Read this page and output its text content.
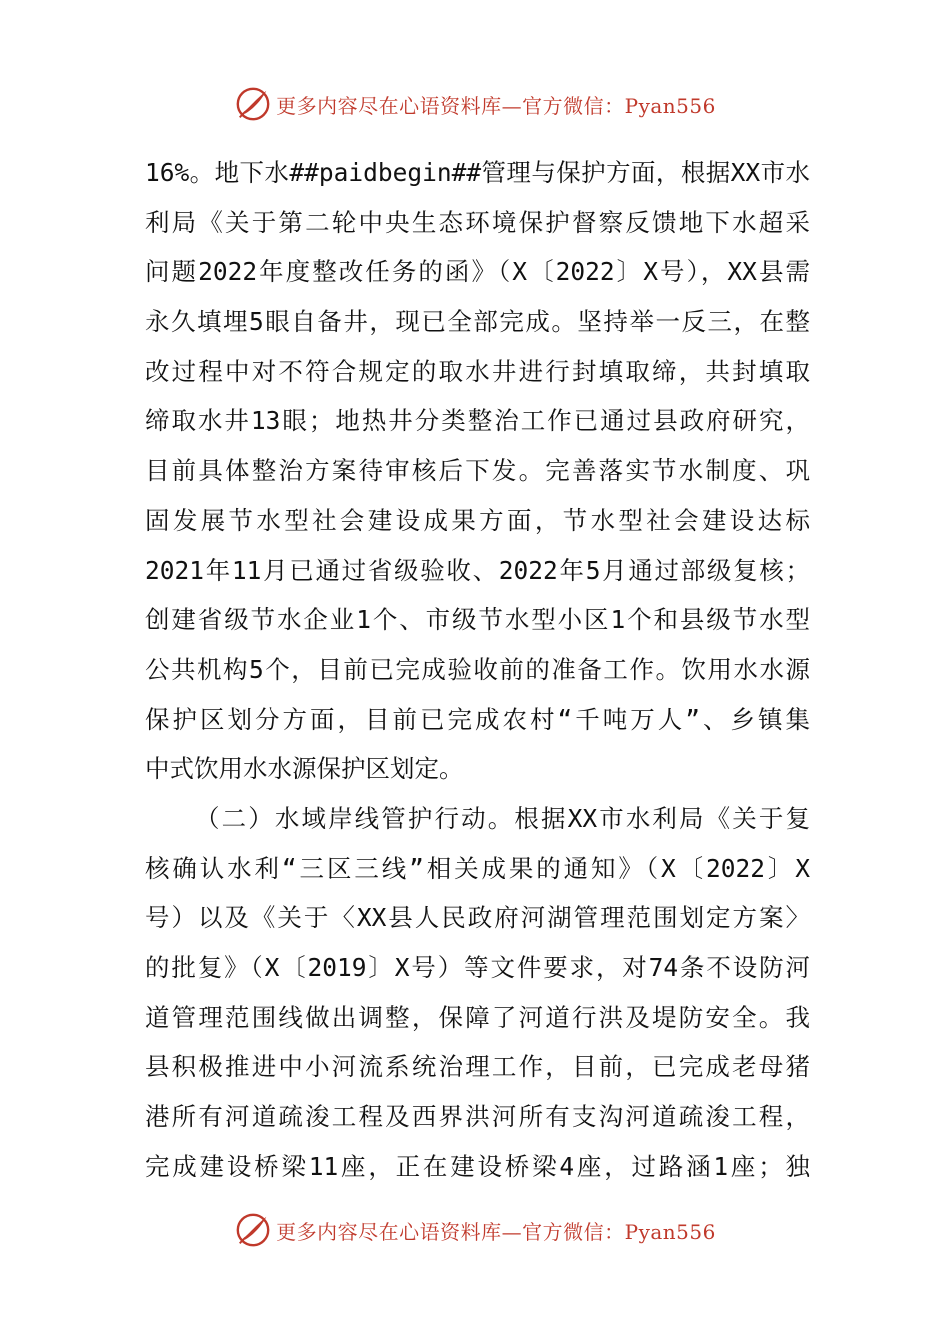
更多内容尽在心语资料库—官方微信：Pyan556
16%。地下水##paidbegin##管理与保护方面，根据XX市水
利局《关于第二轮中央生态环境保护督察反馈地下水超采
问题2022年度整改任务的函》（X〔2022〕X号），XX县需
永久填埋5眼自备井，现已全部完成。坚持举一反三，在整
改过程中对不符合规定的取水井进行封填取缔，共封填取
缔取水井13眼；地热井分类整治工作已通过县政府研究，
目前具体整治方案待审核后下发。完善落实节水制度、巩
固发展节水型社会建设成果方面，节水型社会建设达标
2021年11月已通过省级验收、2022年5月通过部级复核；
创建省级节水企业1个、市级节水型小区1个和县级节水型
公共机构5个，目前已完成验收前的准备工作。饮用水水源
保护区划分方面，目前已完成农村“千吨万人”、乡镇集
中式饮用水水源保护区划定。
（二）水域岸线管护行动。根据XX市水利局《关于复
核确认水利“三区三线”相关成果的通知》（X〔2022〕X
号）以及《关于〈XX县人民政府河湖管理范围划定方案〉
的批复》（X〔2019〕X号）等文件要求，对74条不设防河
道管理范围线做出调整，保障了河道行洪及堤防安全。我
县积极推进中小河流系统治理工作，目前，已完成老母猪
港所有河道疏浚工程及西界洪河所有支沟河道疏浚工程，
完成建设桥梁11座，正在建设桥梁4座，过路涵1座；独
更多内容尽在心语资料库—官方微信：Pyan556
